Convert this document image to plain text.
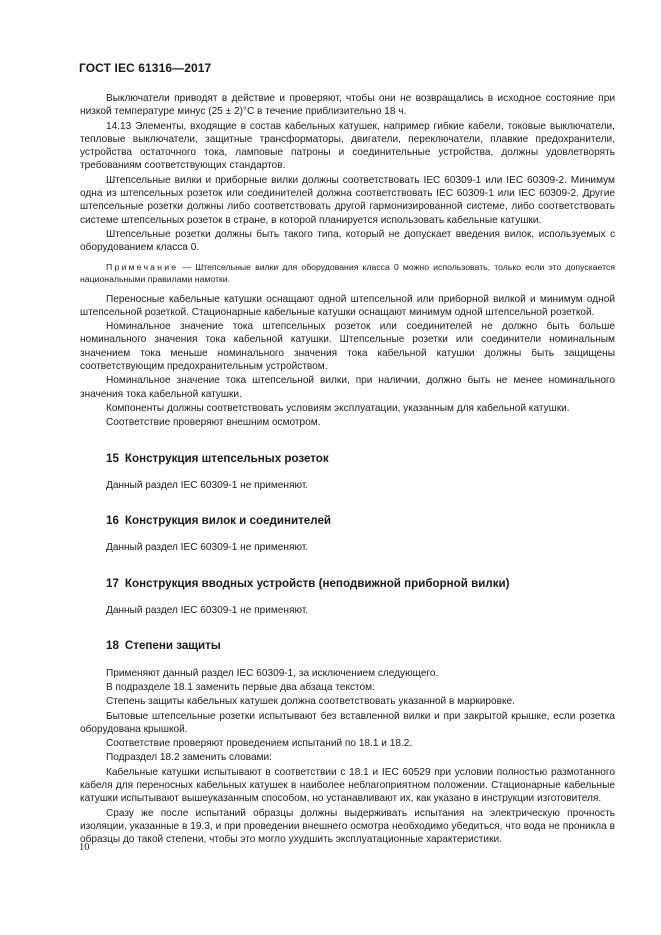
ГОСТ IEC 61316—2017
Выключатели приводят в действие и проверяют, чтобы они не возвращались в исходное состояние при низкой температуре минус (25 ± 2)°С в течение приблизительно 18 ч.
14.13 Элементы, входящие в состав кабельных катушек, например гибкие кабели, токовые выключатели, тепловые выключатели, защитные трансформаторы, двигатели, переключатели, плавкие предохранители, устройства остаточного тока, ламповые патроны и соединительные устройства, должны удовлетворять требованиям соответствующих стандартов.
Штепсельные вилки и приборные вилки должны соответствовать IEC 60309-1 или IEC 60309-2. Минимум одна из штепсельных розеток или соединителей должна соответствовать IEC 60309-1 или IEC 60309-2. Другие штепсельные розетки должны либо соответствовать другой гармонизированной системе, либо соответствовать системе штепсельных розеток в стране, в которой планируется использовать кабельные катушки.
Штепсельные розетки должны быть такого типа, который не допускает введения вилок, используемых с оборудованием класса 0.
Примечание — Штепсельные вилки для оборудования класса 0 можно использовать, только если это допускается национальными правилами намотки.
Переносные кабельные катушки оснащают одной штепсельной или приборной вилкой и минимум одной штепсельной розеткой. Стационарные кабельные катушки оснащают минимум одной штепсельной розеткой.
Номинальное значение тока штепсельных розеток или соединителей не должно быть больше номинального значения тока кабельной катушки. Штепсельные розетки или соединители номинальным значением тока меньше номинального значения тока кабельной катушки должны быть защищены соответствующим предохранительным устройством.
Номинальное значение тока штепсельной вилки, при наличии, должно быть не менее номинального значения тока кабельной катушки.
Компоненты должны соответствовать условиям эксплуатации, указанным для кабельной катушки.
Соответствие проверяют внешним осмотром.
15 Конструкция штепсельных розеток
Данный раздел IEC 60309-1 не применяют.
16 Конструкция вилок и соединителей
Данный раздел IEC 60309-1 не применяют.
17 Конструкция вводных устройств (неподвижной приборной вилки)
Данный раздел IEC 60309-1 не применяют.
18 Степени защиты
Применяют данный раздел IEC 60309-1, за исключением следующего.
В подразделе 18.1 заменить первые два абзаца текстом:
Степень защиты кабельных катушек должна соответствовать указанной в маркировке.
Бытовые штепсельные розетки испытывают без вставленной вилки и при закрытой крышке, если розетка оборудована крышкой.
Соответствие проверяют проведением испытаний по 18.1 и 18.2.
Подраздел 18.2 заменить словами:
Кабельные катушки испытывают в соответствии с 18.1 и IEC 60529 при условии полностью размотанного кабеля для переносных кабельных катушек в наиболее неблагоприятном положении. Стационарные кабельные катушки испытывают вышеуказанным способом, но устанавливают их, как указано в инструкции изготовителя.
Сразу же после испытаний образцы должны выдерживать испытания на электрическую прочность изоляции, указанные в 19.3, и при проведении внешнего осмотра необходимо убедиться, что вода не проникла в образцы до такой степени, чтобы это могло ухудшить эксплуатационные характеристики.
10
